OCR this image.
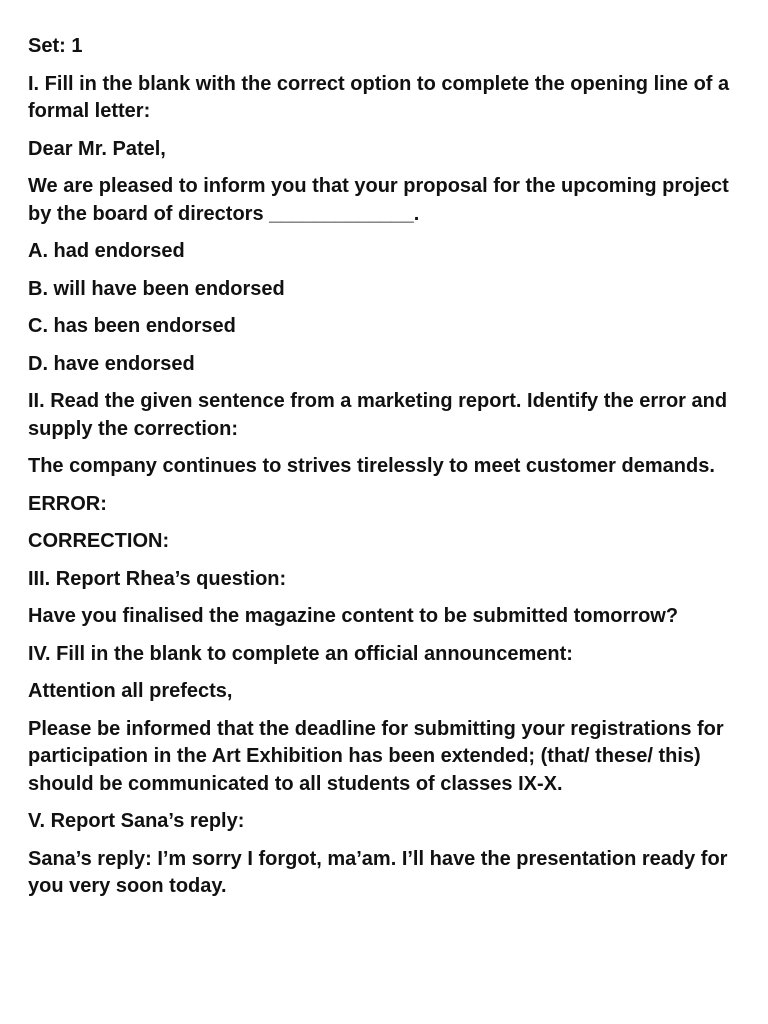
Set: 1
I. Fill in the blank with the correct option to complete the opening line of a formal letter:
Dear Mr. Patel,
We are pleased to inform you that your proposal for the upcoming project by the board of directors _____________.
A. had endorsed
B. will have been endorsed
C. has been endorsed
D. have endorsed
II. Read the given sentence from a marketing report. Identify the error and supply the correction:
The company continues to strives tirelessly to meet customer demands.
ERROR:
CORRECTION:
III. Report Rhea’s question:
Have you finalised the magazine content to be submitted tomorrow?
IV. Fill in the blank to complete an official announcement:
Attention all prefects,
Please be informed that the deadline for submitting your registrations for participation in the Art Exhibition has been extended; (that/ these/ this) should be communicated to all students of classes IX-X.
V. Report Sana’s reply:
Sana’s reply: I’m sorry I forgot, ma’am. I’ll have the presentation ready for you very soon today.
